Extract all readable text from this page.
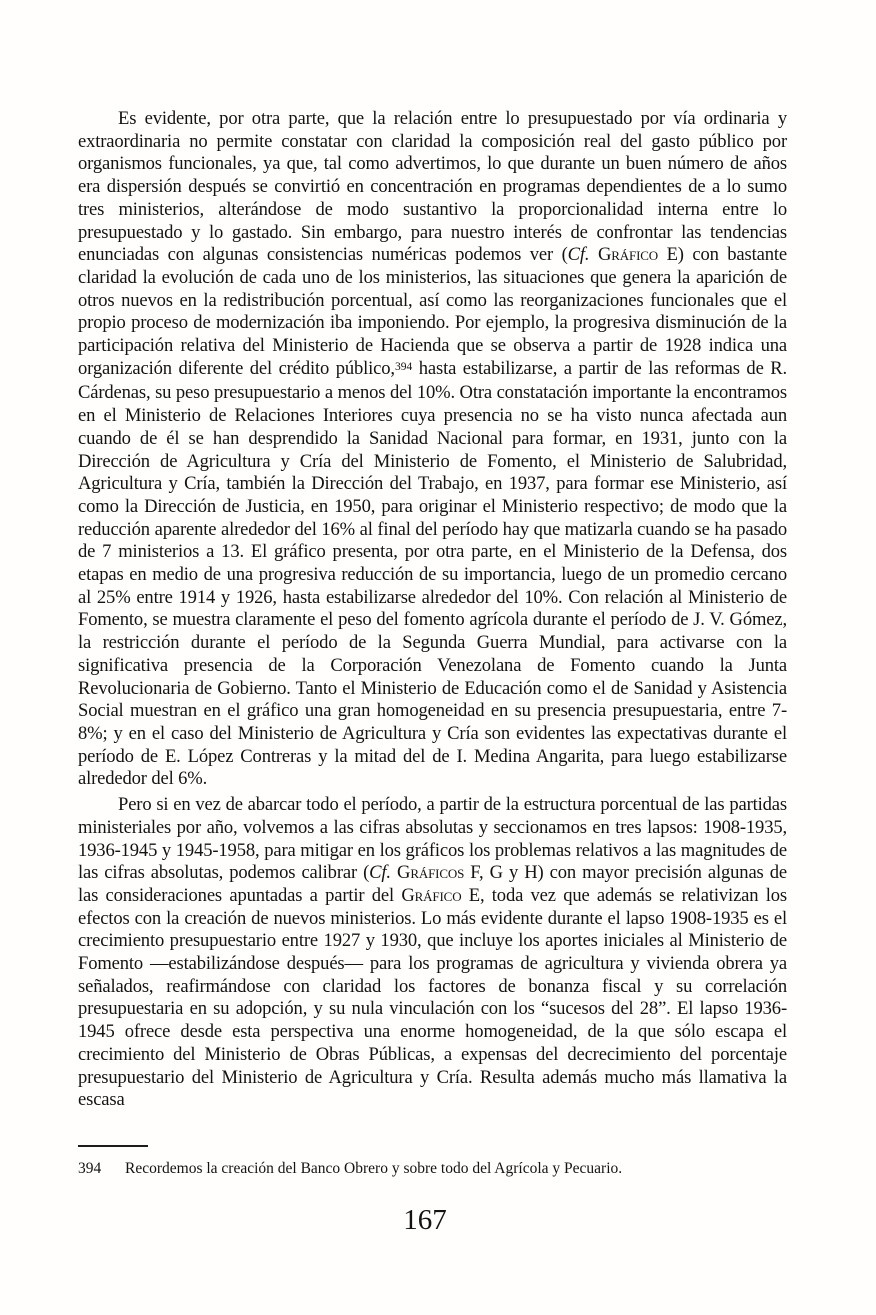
Es evidente, por otra parte, que la relación entre lo presupuestado por vía ordinaria y extraordinaria no permite constatar con claridad la composición real del gasto público por organismos funcionales, ya que, tal como advertimos, lo que durante un buen número de años era dispersión después se convirtió en concentración en programas dependientes de a lo sumo tres ministerios, alterándose de modo sustantivo la proporcionalidad interna entre lo presupuestado y lo gastado. Sin embargo, para nuestro interés de confrontar las tendencias enunciadas con algunas consistencias numéricas podemos ver (Cf. Gráfico E) con bastante claridad la evolución de cada uno de los ministerios, las situaciones que genera la aparición de otros nuevos en la redistribución porcentual, así como las reorganizaciones funcionales que el propio proceso de modernización iba imponiendo. Por ejemplo, la progresiva disminución de la participación relativa del Ministerio de Hacienda que se observa a partir de 1928 indica una organización diferente del crédito público,$^{394}$ hasta estabilizarse, a partir de las reformas de R. Cárdenas, su peso presupuestario a menos del 10%. Otra constatación importante la encontramos en el Ministerio de Relaciones Interiores cuya presencia no se ha visto nunca afectada aun cuando de él se han desprendido la Sanidad Nacional para formar, en 1931, junto con la Dirección de Agricultura y Cría del Ministerio de Fomento, el Ministerio de Salubridad, Agricultura y Cría, también la Dirección del Trabajo, en 1937, para formar ese Ministerio, así como la Dirección de Justicia, en 1950, para originar el Ministerio respectivo; de modo que la reducción aparente alrededor del 16% al final del período hay que matizarla cuando se ha pasado de 7 ministerios a 13. El gráfico presenta, por otra parte, en el Ministerio de la Defensa, dos etapas en medio de una progresiva reducción de su importancia, luego de un promedio cercano al 25% entre 1914 y 1926, hasta estabilizarse alrededor del 10%. Con relación al Ministerio de Fomento, se muestra claramente el peso del fomento agrícola durante el período de J. V. Gómez, la restricción durante el período de la Segunda Guerra Mundial, para activarse con la significativa presencia de la Corporación Venezolana de Fomento cuando la Junta Revolucionaria de Gobierno. Tanto el Ministerio de Educación como el de Sanidad y Asistencia Social muestran en el gráfico una gran homogeneidad en su presencia presupuestaria, entre 7-8%; y en el caso del Ministerio de Agricultura y Cría son evidentes las expectativas durante el período de E. López Contreras y la mitad del de I. Medina Angarita, para luego estabilizarse alrededor del 6%.

Pero si en vez de abarcar todo el período, a partir de la estructura porcentual de las partidas ministeriales por año, volvemos a las cifras absolutas y seccionamos en tres lapsos: 1908-1935, 1936-1945 y 1945-1958, para mitigar en los gráficos los problemas relativos a las magnitudes de las cifras absolutas, podemos calibrar (Cf. Gráficos F, G y H) con mayor precisión algunas de las consideraciones apuntadas a partir del Gráfico E, toda vez que además se relativizan los efectos con la creación de nuevos ministerios. Lo más evidente durante el lapso 1908-1935 es el crecimiento presupuestario entre 1927 y 1930, que incluye los aportes iniciales al Ministerio de Fomento —estabilizándose después— para los programas de agricultura y vivienda obrera ya señalados, reafirmándose con claridad los factores de bonanza fiscal y su correlación presupuestaria en su adopción, y su nula vinculación con los “sucesos del 28”. El lapso 1936-1945 ofrece desde esta perspectiva una enorme homogeneidad, de la que sólo escapa el crecimiento del Ministerio de Obras Públicas, a expensas del decrecimiento del porcentaje presupuestario del Ministerio de Agricultura y Cría. Resulta además mucho más llamativa la escasa

394	Recordemos la creación del Banco Obrero y sobre todo del Agrícola y Pecuario.
167
